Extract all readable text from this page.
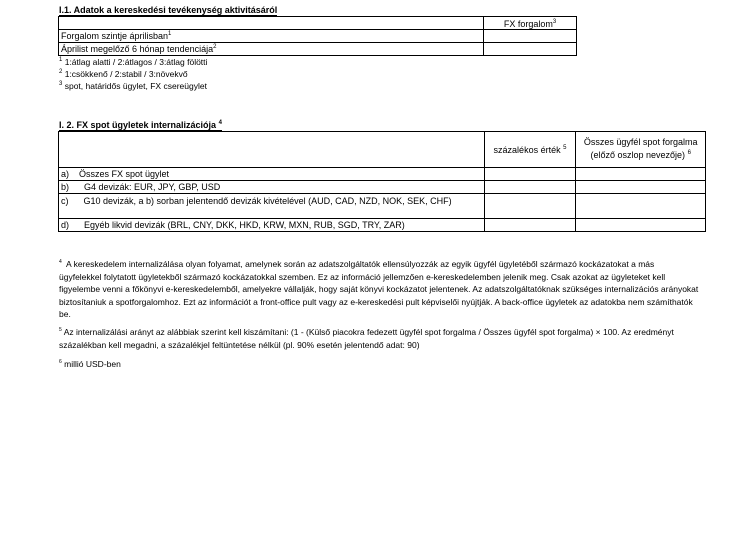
I.1. Adatok a kereskedési tevékenység aktivitásáról
	FX forgalom$^3$
Forgalom szintje áprilisban$^1$	
Áprilist megelőző 6 hónap tendenciája$^2$	
$^1$ 1:átlag alatti / 2:átlagos / 3:átlag fölötti
$^2$ 1:csökkenő / 2:stabil / 3:növekvő
$^3$ spot, határidős ügylet, FX csereügylet
I. 2. FX spot ügyletek internalizációja $^4$
	százalékos érték $^5$	Összes ügyfél spot forgalma
(előző oszlop nevezője) $^6$

a)    Összes FX spot ügylet		
b)      G4 devizák: EUR, JPY, GBP, USD		
c)      G10 devizák, a b) sorban jelentendő devizák kivételével (AUD, CAD, NZD, NOK, SEK, CHF)		
d)      Egyéb likvid devizák (BRL, CNY, DKK, HKD, KRW, MXN, RUB, SGD, TRY, ZAR)		
$^4$ A kereskedelem internalizálása olyan folyamat, amelynek során az adatszolgáltatók ellensúlyozzák az egyik ügyfél ügyletéből származó kockázatokat a más ügyfelekkel folytatott ügyletekből származó kockázatokkal szemben. Ez az információ jellemzően e-kereskedelemben jelenik meg. Csak azokat az ügyleteket kell figyelembe venni a főkönyvi e-kereskedelemből, amelyekre vállalják, hogy saját könyvi kockázatot jelentenek. Az adatszolgáltatóknak szükséges internalizációs arányokat biztosítaniuk a spotforgalomhoz. Ezt az információt a front-office pult vagy az e-kereskedési pult képviselői nyújtják. A back-office ügyletek az adatokba nem számíthatók be.
$^5$ Az internalizálási arányt az alábbiak szerint kell kiszámítani: (1 - (Külső piacokra fedezett ügyfél spot forgalma / Összes ügyfél spot forgalma) × 100. Az eredményt százalékban kell megadni, a százalékjel feltüntetése nélkül (pl. 90% esetén jelentendő adat: 90)
$^6$ millió USD-ben
